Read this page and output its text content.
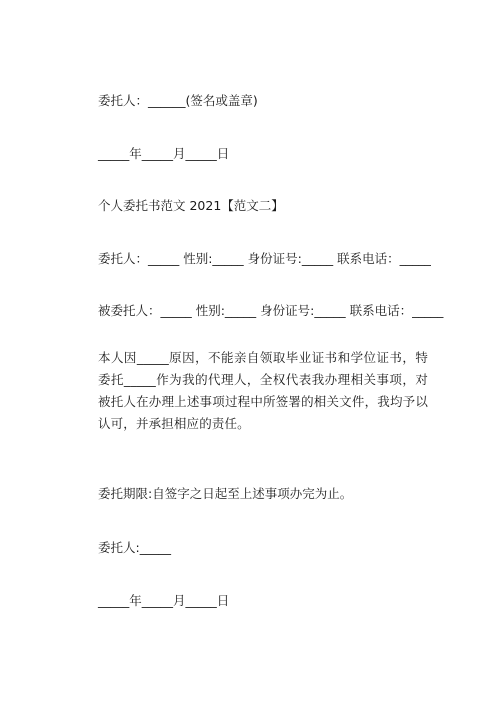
委托人：______(签名或盖章)
_____年_____月_____日
个人委托书范文 2021【范文二】
委托人：_____ 性别:_____ 身份证号:_____ 联系电话：_____
被委托人：_____ 性别:_____ 身份证号:_____ 联系电话：_____
本人因_____原因，不能亲自领取毕业证书和学位证书，特委托_____作为我的代理人，全权代表我办理相关事项，对被托人在办理上述事项过程中所签署的相关文件，我均予以认可，并承担相应的责任。
委托期限:自签字之日起至上述事项办完为止。
委托人:_____
_____年_____月_____日
